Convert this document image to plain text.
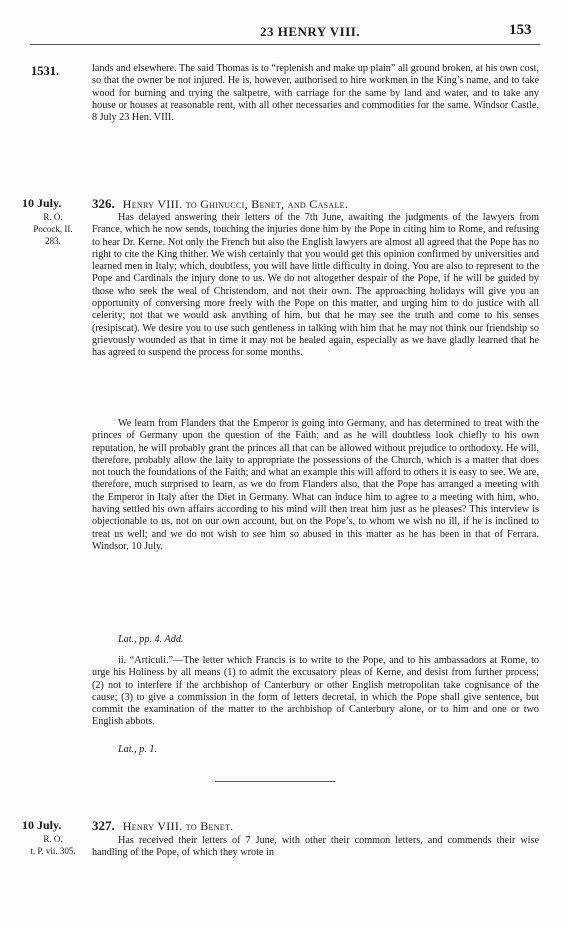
23 HENRY VIII.	153
1531.	lands and elsewhere. The said Thomas is to “replenish and make up plain” all ground broken, at his own cost, so that the owner be not injured. He is, however, authorised to hire workmen in the King’s name, and to take wood for burning and trying the saltpetre, with carriage for the same by land and water, and to take any house or houses at reasonable rent, with all other necessaries and commodities for the same. Windsor Castle, 8 July 23 Hen. VIII.

10 July.
R. O.
Pocock, II.
283.
326. Henry VIII. to Ghinucci, Benet, and Casale.

Has delayed answering their letters of the 7th June, awaiting the judgments of the lawyers from France, which he now sends, touching the injuries done him by the Pope in citing him to Rome, and refusing to hear Dr. Kerne. Not only the French but also the English lawyers are almost all agreed that the Pope has no right to cite the King thither. We wish certainly that you would get this opinion confirmed by universities and learned men in Italy; which, doubtless, you will have little difficulty in doing. You are also to represent to the Pope and Cardinals the injury done to us. We do not altogether despair of the Pope, if he will be guided by those who seek the weal of Christendom, and not their own. The approaching holidays will give you an opportunity of conversing more freely with the Pope on this matter, and urging him to do justice with all celerity; not that we would ask anything of him, but that he may see the truth and come to his senses (resipiscat). We desire you to use such gentleness in talking with him that he may not think our friendship so grievously wounded as that in time it may not be healed again, especially as we have gladly learned that he has agreed to suspend the process for some months.

We learn from Flanders that the Emperor is going into Germany, and has determined to treat with the princes of Germany upon the question of the Faith; and as he will doubtless look chiefly to his own reputation, he will probably grant the princes all that can be allowed without prejudice to orthodoxy. He will, therefore, probably allow the laity to appropriate the possessions of the Church, which is a matter that does not touch the foundations of the Faith; and what an example this will afford to others it is easy to see. We are, therefore, much surprised to learn, as we do from Flanders also, that the Pope has arranged a meeting with the Emperor in Italy after the Diet in Germany. What can induce him to agree to a meeting with him, who, having settled his own affairs according to his mind will then treat him just as he pleases? This interview is objectionable to us, not on our own account, but on the Pope’s, to whom we wish no ill, if he is inclined to treat us well; and we do not wish to see him so abused in this matter as he has been in that of Ferrara. Windsor, 10 July.

Lat., pp. 4. Add.

ii. “Articuli.”—The letter which Francis is to write to the Pope, and to his ambassadors at Rome, to urge his Holiness by all means (1) to admit the excusatory pleas of Kerne, and desist from further process; (2) not to interfere if the archbishop of Canterbury or other English metropolitan take cognisance of the cause; (3) to give a commission in the form of letters decretal, in which the Pope shall give sentence, but commit the examination of the matter to the archbishop of Canterbury alone, or to him and one or two English abbots.

Lat., p. 1.
10 July.
R. O.
t. P. vii. 305.
327. Henry VIII. to Benet.

Has received their letters of 7 June, with other their common letters, and commends their wise handling of the Pope, of which they wrote in
